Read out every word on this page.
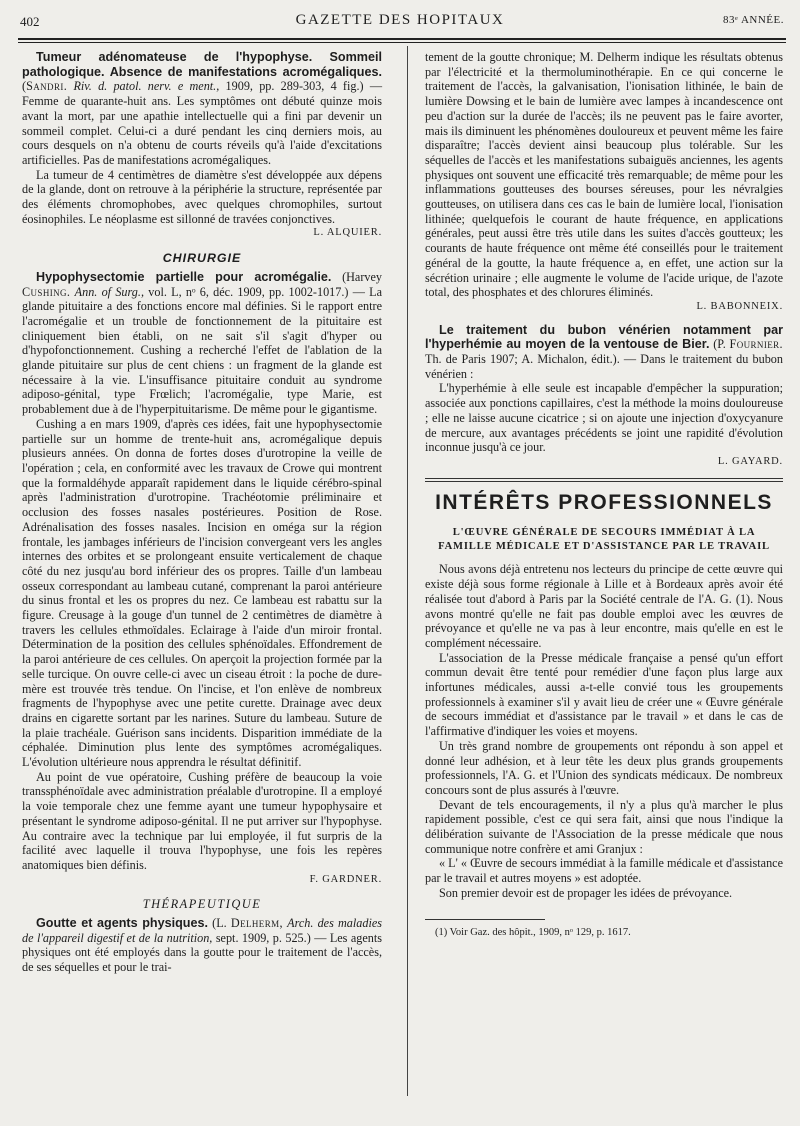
402	GAZETTE DES HOPITAUX	83ᵉ ANNÉE.

Tumeur adénomateuse de l'hypophyse. Sommeil pathologique. Absence de manifestations acromégaliques. (Sandri. Riv. d. patol. nerv. e ment., 1909, pp. 289-303, 4 fig.) — Femme de quarante-huit ans. Les symptômes ont débuté quinze mois avant la mort, par une apathie intellectuelle qui a fini par devenir un sommeil complet. Celui-ci a duré pendant les cinq derniers mois, au cours desquels on n'a obtenu de courts réveils qu'à l'aide d'excitations artificielles. Pas de manifestations acromégaliques.

La tumeur de 4 centimètres de diamètre s'est développée aux dépens de la glande, dont on retrouve à la périphérie la structure, représentée par des éléments chromophobes, avec quelques chromophiles, surtout éosinophiles. Le néoplasme est sillonné de travées conjonctives.

L. ALQUIER.
CHIRURGIE

Hypophysectomie partielle pour acromégalie. (Harvey Cushing. Ann. of Surg., vol. L, nᵒ 6, déc. 1909, pp. 1002-1017.) — La glande pituitaire a des fonctions encore mal définies. Si le rapport entre l'acromégalie et un trouble de fonctionnement de la pituitaire est cliniquement bien établi, on ne sait s'il s'agit d'hyper ou d'hypofonctionnement. Cushing a recherché l'effet de l'ablation de la glande pituitaire sur plus de cent chiens : un fragment de la glande est nécessaire à la vie. L'insuffisance pituitaire conduit au syndrome adiposo-génital, type Frœlich; l'acromégalie, type Marie, est probablement due à de l'hyperpituitarisme. De même pour le gigantisme.

Cushing a en mars 1909, d'après ces idées, fait une hypophysectomie partielle sur un homme de trente-huit ans, acromégalique depuis plusieurs années. On donna de fortes doses d'urotropine la veille de l'opération ; cela, en conformité avec les travaux de Crowe qui montrent que la formaldéhyde apparaît rapidement dans le liquide cérébro-spinal après l'administration d'urotropine. Trachéotomie préliminaire et occlusion des fosses nasales postérieures. Position de Rose. Adrénalisation des fosses nasales. Incision en oméga sur la région frontale, les jambages inférieurs de l'incision convergeant vers les angles internes des orbites et se prolongeant ensuite verticalement de chaque côté du nez jusqu'au bord inférieur des os propres. Taille d'un lambeau osseux correspondant au lambeau cutané, comprenant la paroi antérieure du sinus frontal et les os propres du nez. Ce lambeau est rabattu sur la figure. Creusage à la gouge d'un tunnel de 2 centimètres de diamètre à travers les cellules ethmoïdales. Eclairage à l'aide d'un miroir frontal. Détermination de la position des cellules sphénoïdales. Effondrement de la paroi antérieure de ces cellules. On aperçoit la projection formée par la selle turcique. On ouvre celle-ci avec un ciseau étroit : la poche de dure-mère est trouvée très tendue. On l'incise, et l'on enlève de nombreux fragments de l'hypophyse avec une petite curette. Drainage avec deux drains en cigarette sortant par les narines. Suture du lambeau. Suture de la plaie trachéale. Guérison sans incidents. Disparition immédiate de la céphalée. Diminution plus lente des symptômes acromégaliques. L'évolution ultérieure nous apprendra le résultat définitif.

Au point de vue opératoire, Cushing préfère de beaucoup la voie transsphénoïdale avec administration préalable d'urotropine. Il a employé la voie temporale chez une femme ayant une tumeur hypophysaire et présentant le syndrome adiposo-génital. Il ne put arriver sur l'hypophyse. Au contraire avec la technique par lui employée, il fut surpris de la facilité avec laquelle il trouva l'hypophyse, une fois les repères anatomiques bien définis.

F. GARDNER.
THÉRAPEUTIQUE

Goutte et agents physiques. (L. Delherm, Arch. des maladies de l'appareil digestif et de la nutrition, sept. 1909, p. 525.) — Les agents physiques ont été employés dans la goutte pour le traitement de l'accès, de ses séquelles et pour le trai-

tement de la goutte chronique; M. Delherm indique les résultats obtenus par l'électricité et la thermoluminothérapie. En ce qui concerne le traitement de l'accès, la galvanisation, l'ionisation lithinée, le bain de lumière Dowsing et le bain de lumière avec lampes à incandescence ont peu d'action sur la durée de l'accès; ils ne peuvent pas le faire avorter, mais ils diminuent les phénomènes douloureux et peuvent même les faire disparaître; l'accès devient ainsi beaucoup plus tolérable. Sur les séquelles de l'accès et les manifestations subaiguës anciennes, les agents physiques ont souvent une efficacité très remarquable; de même pour les inflammations goutteuses des bourses séreuses, pour les névralgies goutteuses, on utilisera dans ces cas le bain de lumière local, l'ionisation lithinée; quelquefois le courant de haute fréquence, en applications générales, peut aussi être très utile dans les suites d'accès goutteux; les courants de haute fréquence ont même été conseillés pour le traitement général de la goutte, la haute fréquence a, en effet, une action sur la sécrétion urinaire ; elle augmente le volume de l'acide urique, de l'azote total, des phosphates et des chlorures éliminés.

L. BABONNEIX.

Le traitement du bubon vénérien notamment par l'hyperhémie au moyen de la ventouse de Bier. (P. Fournier. Th. de Paris 1907; A. Michalon, édit.). — Dans le traitement du bubon vénérien :

L'hyperhémie à elle seule est incapable d'empêcher la suppuration; associée aux ponctions capillaires, c'est la méthode la moins douloureuse ; elle ne laisse aucune cicatrice ; si on ajoute une injection d'oxycyanure de mercure, aux avantages précédents se joint une rapidité d'évolution inconnue jusqu'à ce jour.

L. GAYARD.
INTÉRÊTS PROFESSIONNELS
L'ŒUVRE GÉNÉRALE DE SECOURS IMMÉDIAT À LA FAMILLE MÉDICALE ET D'ASSISTANCE PAR LE TRAVAIL

Nous avons déjà entretenu nos lecteurs du principe de cette œuvre qui existe déjà sous forme régionale à Lille et à Bordeaux après avoir été réalisée tout d'abord à Paris par la Société centrale de l'A. G. (1). Nous avons montré qu'elle ne fait pas double emploi avec les œuvres de prévoyance et qu'elle ne va pas à leur encontre, mais qu'elle en est le complément nécessaire.

L'association de la Presse médicale française a pensé qu'un effort commun devait être tenté pour remédier d'une façon plus large aux infortunes médicales, aussi a-t-elle convié tous les groupements professionnels à examiner s'il y avait lieu de créer une « Œuvre générale de secours immédiat et d'assistance par le travail » et dans le cas de l'affirmative d'indiquer les voies et moyens.

Un très grand nombre de groupements ont répondu à son appel et donné leur adhésion, et à leur tête les deux plus grands groupements professionnels, l'A. G. et l'Union des syndicats médicaux. De nombreux concours sont de plus assurés à l'œuvre.

Devant de tels encouragements, il n'y a plus qu'à marcher le plus rapidement possible, c'est ce qui sera fait, ainsi que nous l'indique la délibération suivante de l'Association de la presse médicale que nous communique notre confrère et ami Granjux :

« L' « Œuvre de secours immédiat à la famille médicale et d'assistance par le travail et autres moyens » est adoptée.

Son premier devoir est de propager les idées de prévoyance.

(1) Voir Gaz. des hôpit., 1909, nᵒ 129, p. 1617.
